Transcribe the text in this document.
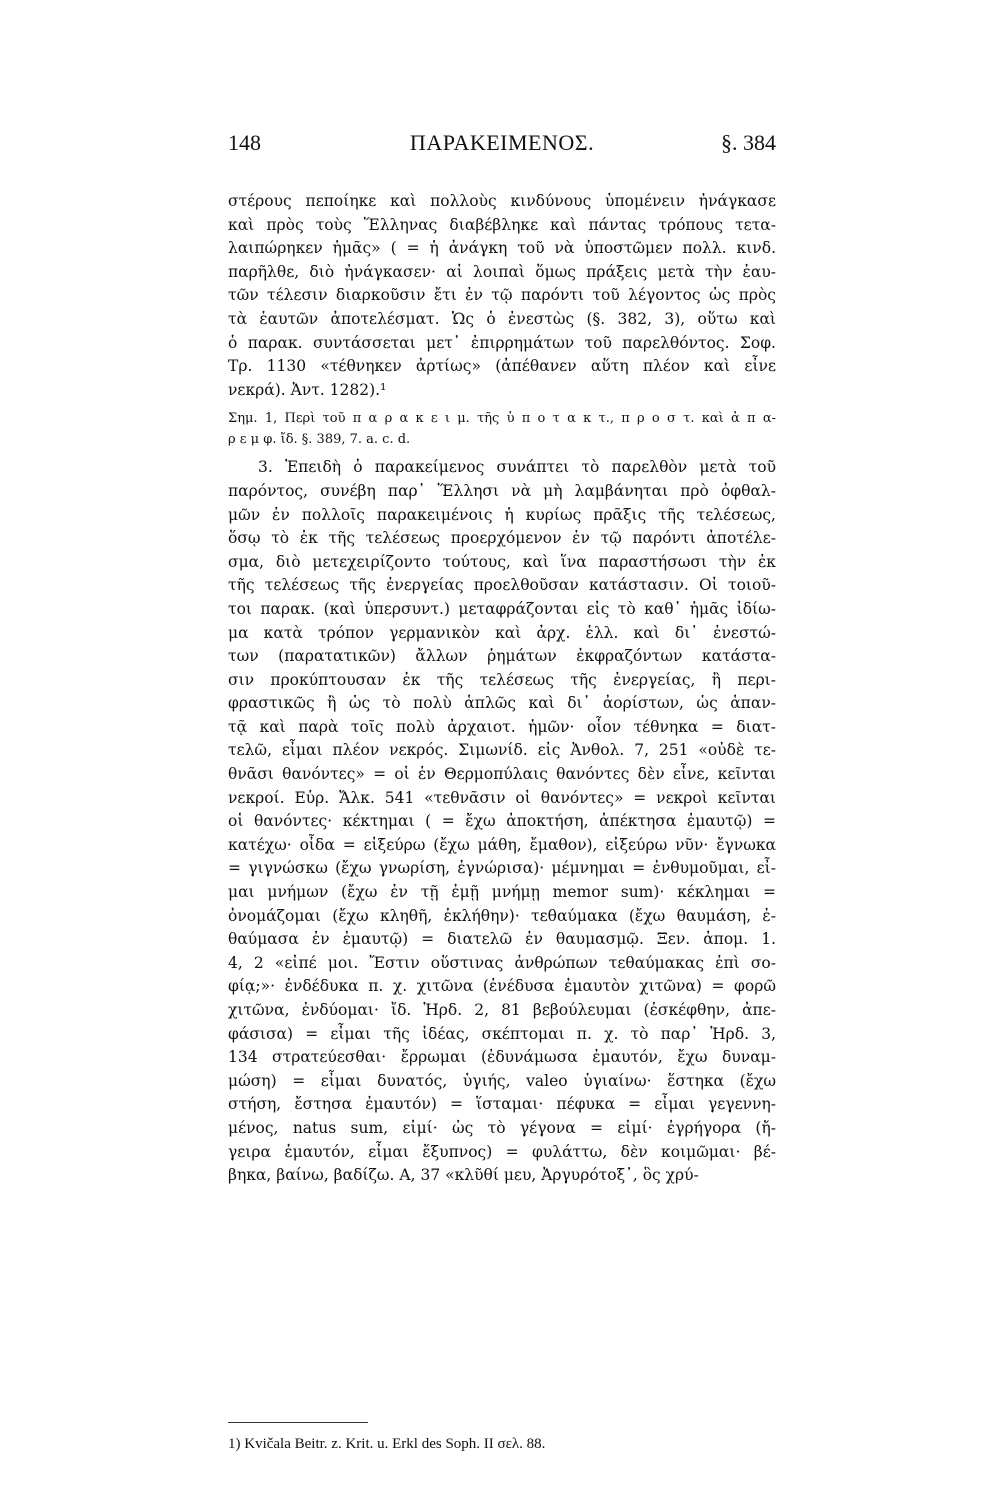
148	ΠΑΡΑΚΕΙΜΕΝΟΣ.	§. 384
στέρους πεποίηκε καὶ πολλοὺς κινδύνους ὑπομένειν ἠνάγκασε
καὶ πρὸς τοὺς Ἕλληνας διαβέβληκε καὶ πάντας τρόπους τετα-
λαιπώρηκεν ἡμᾶς» ( = ἡ ἀνάγκη τοῦ νὰ ὑποστῶμεν πολλ. κινδ.
παρῆλθε, διὸ ἠνάγκασεν· αἱ λοιπαὶ ὅμως πράξεις μετὰ τὴν ἑαυ-
τῶν τέλεσιν διαρκοῦσιν ἔτι ἐν τῷ παρόντι τοῦ λέγοντος ὡς πρὸς
τὰ ἑαυτῶν ἀποτελέσματ. Ὡς ὁ ἐνεστὼς (§. 382, 3), οὕτω καὶ
ὁ παρακ. συντάσσεται μετ᾽ ἐπιρρημάτων τοῦ παρελθόντος. Σοφ.
Τρ. 1130 «τέθνηκεν ἀρτίως» (ἀπέθανεν αὕτη πλέον καὶ εἶνε
νεκρά). Ἀντ. 1282).¹
Σημ. 1, Περὶ τοῦ π α ρ α κ ε ι μ. τῆς ὑ π ο τ α κ τ., π ρ ο σ τ. καὶ ἀ π α-
ρ ε μ φ. ἴδ. §. 389, 7. a. c. d.
3. Ἐπειδὴ ὁ παρακείμενος συνάπτει τὸ παρελθὸν μετὰ τοῦ
παρόντος, συνέβη παρ᾽ Ἕλλησι νὰ μὴ λαμβάνηται πρὸ ὀφθαλ-
μῶν ἐν πολλοῖς παρακειμένοις ἡ κυρίως πρᾶξις τῆς τελέσεως,
ὅσῳ τὸ ἐκ τῆς τελέσεως προερχόμενον ἐν τῷ παρόντι ἀποτέλε-
σμα, διὸ μετεχειρίζοντο τούτους, καὶ ἵνα παραστήσωσι τὴν ἐκ
τῆς τελέσεως τῆς ἐνεργείας προελθοῦσαν κατάστασιν. Οἱ τοιοῦ-
τοι παρακ. (καὶ ὑπερσυντ.) μεταφράζονται εἰς τὸ καθ᾽ ἡμᾶς ἰδίω-
μα κατὰ τρόπον γερμανικὸν καὶ ἀρχ. ἑλλ. καὶ δι᾽ ἐνεστώ-
των (παρατατικῶν) ἄλλων ῥημάτων ἐκφραζόντων κατάστα-
σιν προκύπτουσαν ἐκ τῆς τελέσεως τῆς ἐνεργείας, ἢ περι-
φραστικῶς ἢ ὡς τὸ πολὺ ἁπλῶς καὶ δι᾽ ἀορίστων, ὡς ἁπαν-
τᾷ καὶ παρὰ τοῖς πολὺ ἀρχαιοτ. ἡμῶν· οἷον τέθνηκα = διατ-
τελῶ, εἶμαι πλέον νεκρός. Σιμωνίδ. εἰς Ἀνθολ. 7, 251 «οὐδὲ τε-
θνᾶσι θανόντες» = οἱ ἐν Θερμοπύλαις θανόντες δὲν εἶνε, κεῖνται
νεκροί. Εὐρ. Ἄλκ. 541 «τεθνᾶσιν οἱ θανόντες» = νεκροὶ κεῖνται
οἱ θανόντες· κέκτημαι ( = ἔχω ἀποκτήση, ἀπέκτησα ἐμαυτῷ) =
κατέχω· οἶδα = εἰξεύρω (ἔχω μάθη, ἔμαθον), εἰξεύρω νῦν· ἔγνωκα
= γιγνώσκω (ἔχω γνωρίση, ἐγνώρισα)· μέμνημαι = ἐνθυμοῦμαι, εἶ-
μαι μνήμων (ἔχω ἐν τῇ ἐμῇ μνήμῃ memor sum)· κέκλημαι =
ὀνομάζομαι (ἔχω κληθῆ, ἐκλήθην)· τεθαύμακα (ἔχω θαυμάση, ἐ-
θαύμασα ἐν ἐμαυτῷ) = διατελῶ ἐν θαυμασμῷ. Ξεν. ἀπομ. 1.
4, 2 «εἰπέ μοι. Ἔστιν οὕστινας ἀνθρώπων τεθαύμακας ἐπὶ σο-
φίᾳ;»· ἐνδέδυκα π. χ. χιτῶνα (ἐνέδυσα ἐμαυτὸν χιτῶνα) = φορῶ
χιτῶνα, ἐνδύομαι· ἴδ. Ἡρδ. 2, 81 βεβούλευμαι (ἐσκέφθην, ἀπε-
φάσισα) = εἶμαι τῆς ἰδέας, σκέπτομαι π. χ. τὸ παρ᾽ Ἡρδ. 3,
134 στρατεύεσθαι· ἔρρωμαι (ἐδυνάμωσα ἐμαυτόν, ἔχω δυναμ-
μώση) = εἶμαι δυνατός, ὑγιής, valeo ὑγιαίνω· ἕστηκα (ἔχω
στήση, ἔστησα ἐμαυτόν) = ἵσταμαι· πέφυκα = εἶμαι γεγεννη-
μένος, natus sum, εἰμί· ὡς τὸ γέγονα = εἰμί· ἐγρήγορα (ἤ-
γειρα ἐμαυτόν, εἶμαι ἔξυπνος) = φυλάττω, δὲν κοιμῶμαι· βέ-
βηκα, βαίνω, βαδίζω. Α, 37 «κλῦθί μευ, Ἀργυρότοξ᾽, ὃς χρύ-
1) Kvičala Beitr. z. Krit. u. Erkl des Soph. II σελ. 88.
